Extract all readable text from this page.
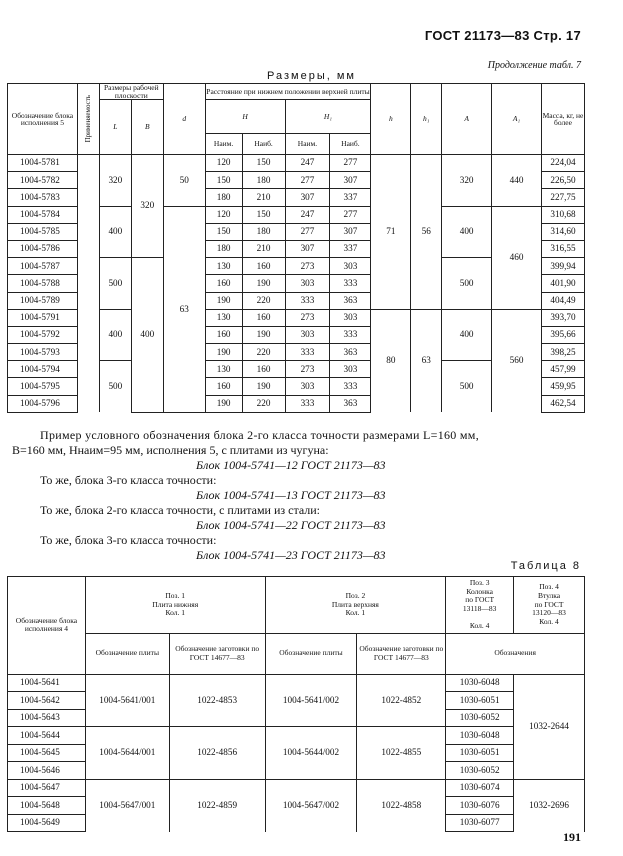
ГОСТ 21173—83 Стр. 17
Продолжение табл. 7
Размеры, мм
Обозначение блока исполнения 5	Применяемость	Размеры рабочей плоскости		d	Расстояние при нижнем положении верхней плиты				h	h₁	A	A₁	Масса, кг, не более
		L	B		H		H₁						
					Наим.	Наиб.	Наим.	Наиб.					
1004-5781		320	320	50	120	150	247	277	71	56	320	440	224,04
1004-5782					150	180	277	307					226,50
1004-5783					180	210	307	337					227,75
1004-5784		400		63	120	150	247	277			400	460	310,68
1004-5785					150	180	277	307					314,60
1004-5786					180	210	307	337					316,55
1004-5787		500	400		130	160	273	303			500		399,94
1004-5788					160	190	303	333					401,90
1004-5789					190	220	333	363					404,49
1004-5791		400			130	160	273	303	80	63	400	560	393,70
1004-5792					160	190	303	333					395,66
1004-5793					190	220	333	363					398,25
1004-5794		500			130	160	273	303			500		457,99
1004-5795					160	190	303	333					459,95
1004-5796					190	220	333	363					462,54
Пример условного обозначения блока 2-го класса точности размерами L=160 мм,
B=160 мм, Hнаим=95 мм, исполнения 5, с плитами из чугуна:
Блок 1004-5741—12 ГОСТ 21173—83
То же, блока 3-го класса точности:
Блок 1004-5741—13 ГОСТ 21173—83
То же, блока 2-го класса точности, с плитами из стали:
Блок 1004-5741—22 ГОСТ 21173—83
То же, блока 3-го класса точности:
Блок 1004-5741—23 ГОСТ 21173—83
Таблица 8
Обозначение блока исполнения 4	Поз. 1
Плита нижняя
Кол. 1		Поз. 2
Плита верхняя
Кол. 1		Поз. 3
Колонка
по ГОСТ
13118—83

Кол. 4	Поз. 4
Втулка
по ГОСТ
13120—83
Кол. 4
	Обозначение плиты	Обозначение заготовки по ГОСТ 14677—83	Обозначение плиты	Обозначение заготовки по ГОСТ 14677—83	Обозначения	
1004-5641	1004-5641/001	1022-4853	1004-5641/002	1022-4852	1030-6048	1032-2644
1004-5642					1030-6051	
1004-5643					1030-6052	
1004-5644	1004-5644/001	1022-4856	1004-5644/002	1022-4855	1030-6048	
1004-5645					1030-6051	
1004-5646					1030-6052	
1004-5647	1004-5647/001	1022-4859	1004-5647/002	1022-4858	1030-6074	1032-2696
1004-5648					1030-6076	
1004-5649					1030-6077	
191
